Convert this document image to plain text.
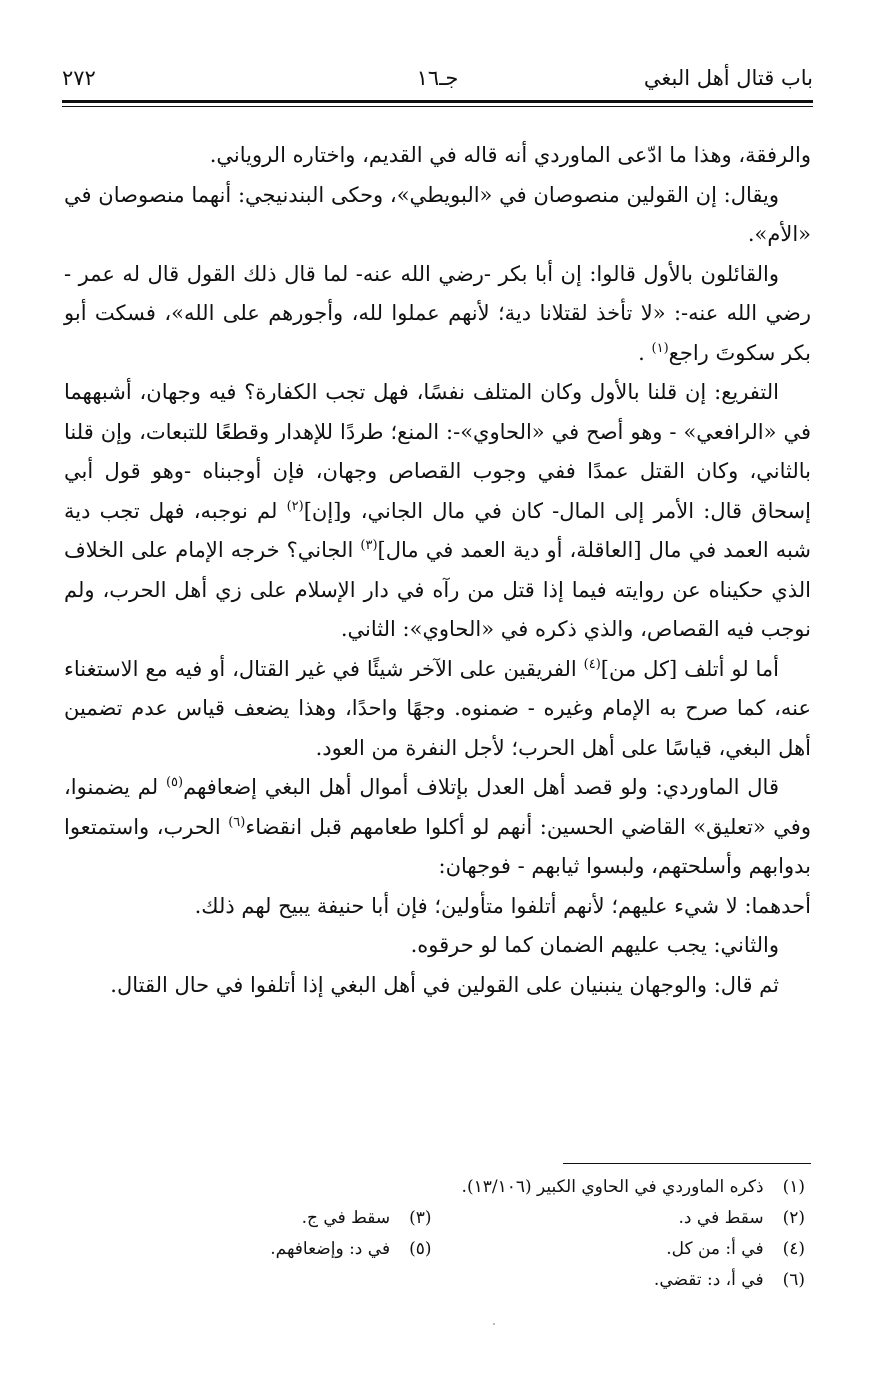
باب قتال أهل البغي
جـ١٦
٢٧٢

والرفقة، وهذا ما ادّعى الماوردي أنه قاله في القديم، واختاره الروياني.

ويقال: إن القولين منصوصان في «البويطي»، وحكى البندنيجي: أنهما منصوصان في «الأم».

والقائلون بالأول قالوا: إن أبا بكر -رضي الله عنه- لما قال ذلك القول قال له عمر - رضي الله عنه-: «لا تأخذ لقتلانا دية؛ لأنهم عملوا لله، وأجورهم على الله»، فسكت أبو بكر سكوتَ راجع$^{(١)}$ .

التفريع: إن قلنا بالأول وكان المتلف نفسًا، فهل تجب الكفارة؟ فيه وجهان، أشبههما في «الرافعي» - وهو أصح في «الحاوي»-: المنع؛ طردًا للإهدار وقطعًا للتبعات، وإن قلنا بالثاني، وكان القتل عمدًا ففي وجوب القصاص وجهان، فإن أوجبناه -وهو قول أبي إسحاق قال: الأمر إلى المال- كان في مال الجاني، و[إن]$^{(٢)}$ لم نوجبه، فهل تجب دية شبه العمد في مال [العاقلة، أو دية العمد في مال]$^{(٣)}$ الجاني؟ خرجه الإمام على الخلاف الذي حكيناه عن روايته فيما إذا قتل من رآه في دار الإسلام على زي أهل الحرب، ولم نوجب فيه القصاص، والذي ذكره في «الحاوي»: الثاني.

أما لو أتلف [كل من]$^{(٤)}$ الفريقين على الآخر شيئًا في غير القتال، أو فيه مع الاستغناء عنه، كما صرح به الإمام وغيره - ضمنوه. وجهًا واحدًا، وهذا يضعف قياس عدم تضمين أهل البغي، قياسًا على أهل الحرب؛ لأجل النفرة من العود.

قال الماوردي: ولو قصد أهل العدل بإتلاف أموال أهل البغي إضعافهم$^{(٥)}$ لم يضمنوا، وفي «تعليق» القاضي الحسين: أنهم لو أكلوا طعامهم قبل انقضاء$^{(٦)}$ الحرب، واستمتعوا بدوابهم وأسلحتهم، ولبسوا ثيابهم - فوجهان:

أحدهما: لا شيء عليهم؛ لأنهم أتلفوا متأولين؛ فإن أبا حنيفة يبيح لهم ذلك.

والثاني: يجب عليهم الضمان كما لو حرقوه.

ثم قال: والوجهان ينبنيان على القولين في أهل البغي إذا أتلفوا في حال القتال.

(١) ذكره الماوردي في الحاوي الكبير (١٣/١٠٦).
(٢) سقط في د.
(٣) سقط في ج.
(٤) في أ: من كل.
(٥) في د: وإضعافهم.
(٦) في أ، د: تقضي.
